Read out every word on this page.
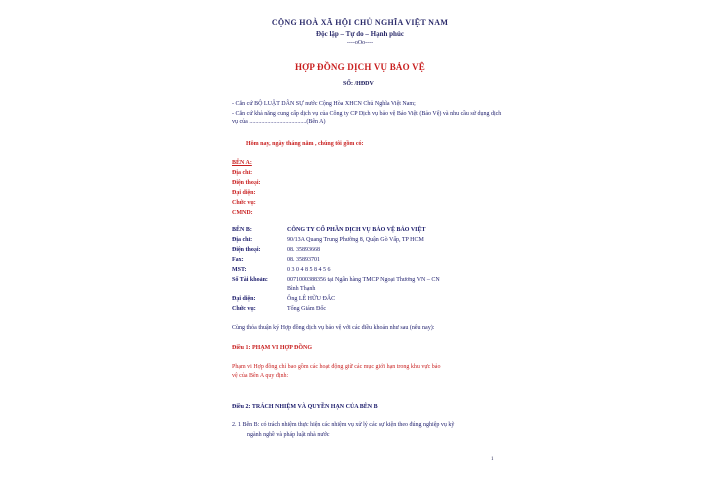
CỘNG HOÀ XÃ HỘI CHỦ NGHĨA VIỆT NAM
Độc lập – Tự do – Hạnh phúc
----oOo----
HỢP ĐỒNG DỊCH VỤ BẢO VỆ
SỐ: /HĐDV
- Căn cứ BỘ LUẬT DÂN SỰ nước Cộng Hòa XHCN Chủ Nghĩa Việt Nam;
- Căn cứ khả năng cung cấp dịch vụ của Công ty CP Dịch vụ bảo vệ Bảo Việt (Bảo Vệ) và nhu cầu sử dụng dịch vụ của ......................................(Bên A)
Hôm nay, ngày tháng năm , chúng tôi gồm có:
BÊN A:
Địa chỉ:
Điện thoại:
Đại diện:
Chức vụ:
CMND:
BÊN B:	CÔNG TY CỔ PHẦN DỊCH VỤ BẢO VỆ BẢO VIỆT
Địa chỉ:	90/13A Quang Trung Phường 8, Quận Gò Vấp, TP HCM
Điện thoại:	08. 35893668
Fax:	08. 35893701
MST:	0 3 0 4 8 5 8 4 5 6
Số Tài khoản:	0071000388356 tại Ngân hàng TMCP Ngoại Thương VN – CN
Bình Thạnh
Đại diện:	Ông LÊ HỮU ĐẮC
Chức vụ:	Tổng Giám Đốc
Cùng thỏa thuận ký Hợp đồng dịch vụ bảo vệ với các điều khoản như sau (nêu nay):
Điều 1: PHẠM VI HỢP ĐỒNG
Phạm vi Hợp đồng chỉ bao gồm các hoạt động giữ các mục giới hạn trong khu vực bảo
vệ của Bên A quy định:
Điều 2: TRÁCH NHIỆM VÀ QUYỀN HẠN CỦA BÊN B
2. 1 Bên B: có trách nhiệm thực hiện các nhiệm vụ xử lý các sự kiện theo đúng nghiệp vụ kỹ
ngành nghề và pháp luật nhà nước
1
